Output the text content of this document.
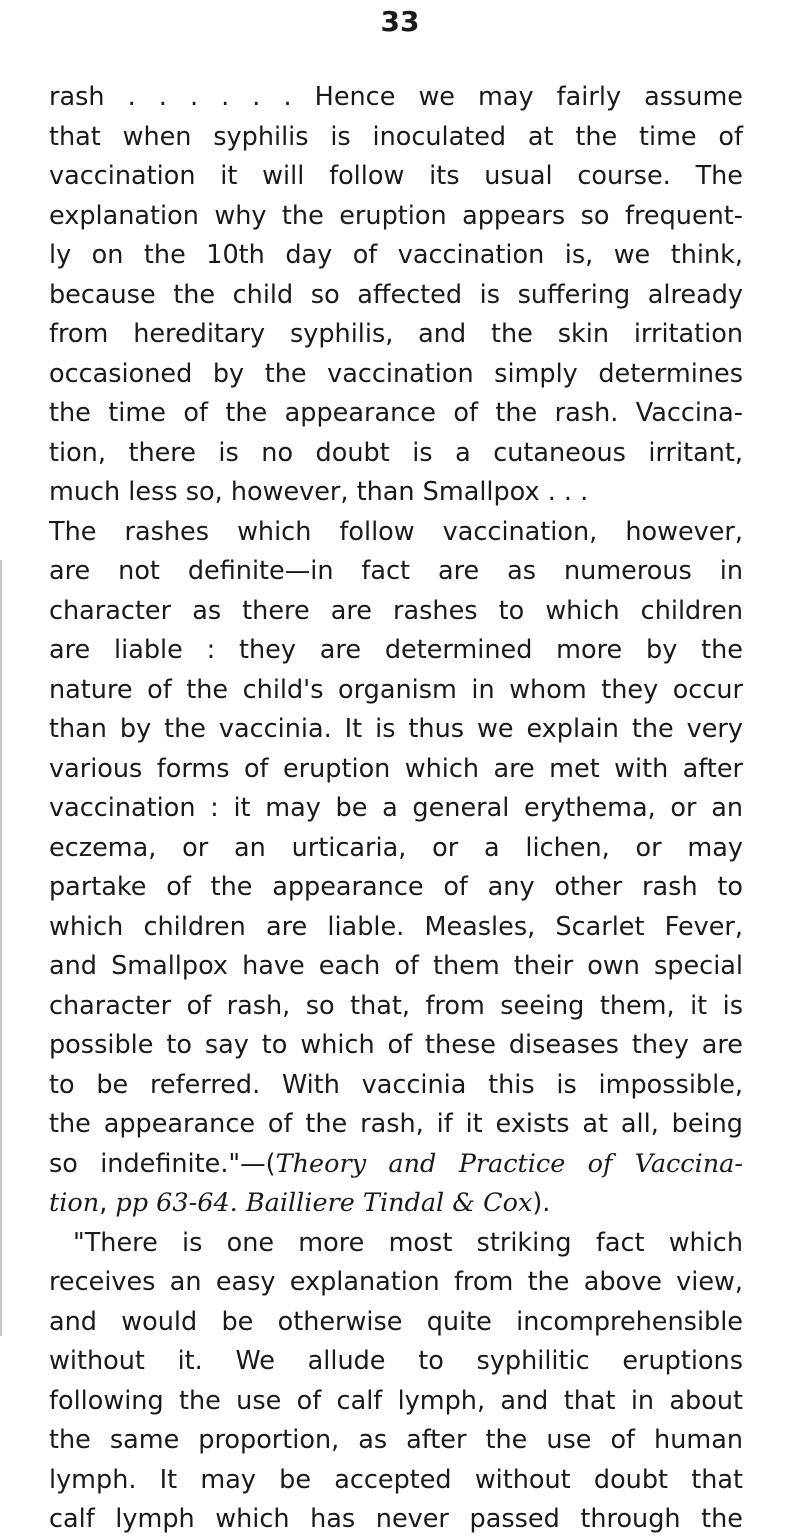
33
rash . . . . . . Hence we may fairly assume
that when syphilis is inoculated at the time of
vaccination it will follow its usual course. The
explanation why the eruption appears so frequent-
ly on the 10th day of vaccination is, we think,
because the child so affected is suffering already
from hereditary syphilis, and the skin irritation
occasioned by the vaccination simply determines
the time of the appearance of the rash. Vaccina-
tion, there is no doubt is a cutaneous irritant,
much less so, however, than Smallpox . . .
The rashes which follow vaccination, however,
are not definite—in fact are as numerous in
character as there are rashes to which children
are liable : they are determined more by the
nature of the child's organism in whom they occur
than by the vaccinia. It is thus we explain the very
various forms of eruption which are met with after
vaccination : it may be a general erythema, or an
eczema, or an urticaria, or a lichen, or may
partake of the appearance of any other rash to
which children are liable. Measles, Scarlet Fever,
and Smallpox have each of them their own special
character of rash, so that, from seeing them, it is
possible to say to which of these diseases they are
to be referred. With vaccinia this is impossible,
the appearance of the rash, if it exists at all, being
so indefinite."—(Theory and Practice of Vaccina-
tion, pp 63-64. Bailliere Tindal & Cox).
"There is one more most striking fact which
receives an easy explanation from the above view,
and would be otherwise quite incomprehensible
without it. We allude to syphilitic eruptions
following the use of calf lymph, and that in about
the same proportion, as after the use of human
lymph. It may be accepted without doubt that
calf lymph which has never passed through the
